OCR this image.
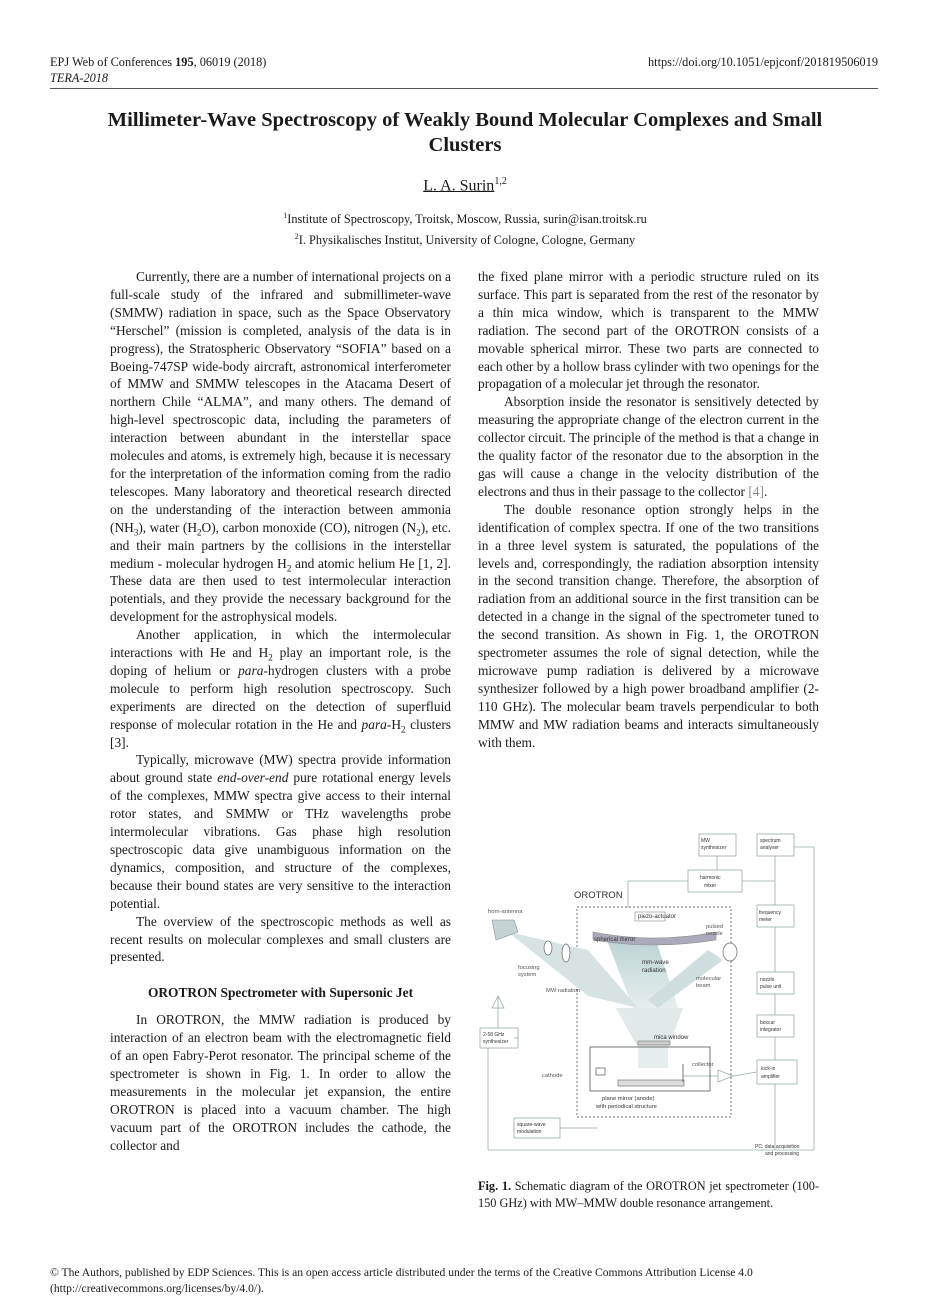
EPJ Web of Conferences 195, 06019 (2018)
TERA-2018
https://doi.org/10.1051/epjconf/201819506019
Millimeter-Wave Spectroscopy of Weakly Bound Molecular Complexes and Small Clusters
L. A. Surin$^{1,2}$
$^1$Institute of Spectroscopy, Troitsk, Moscow, Russia, surin@isan.troitsk.ru
$^2$I. Physikalisches Institut, University of Cologne, Cologne, Germany

Currently, there are a number of international projects on a full-scale study of the infrared and submillimeter-wave (SMMW) radiation in space, such as the Space Observatory “Herschel” (mission is completed, analysis of the data is in progress), the Stratospheric Observatory “SOFIA” based on a Boeing-747SP wide-body aircraft, astronomical interferometer of MMW and SMMW telescopes in the Atacama Desert of northern Chile “ALMA”, and many others. The demand of high-level spectroscopic data, including the parameters of interaction between abundant in the interstellar space molecules and atoms, is extremely high, because it is necessary for the interpretation of the information coming from the radio telescopes. Many laboratory and theoretical research directed on the understanding of the interaction between ammonia $(NH_3)$, water $(H_2O)$, carbon monoxide (CO), nitrogen $(N_2)$, etc. and their main partners by the collisions in the interstellar medium - molecular hydrogen $H_2$ and atomic helium He [1, 2]. These data are then used to test intermolecular interaction potentials, and they provide the necessary background for the development for the astrophysical models.

Another application, in which the intermolecular interactions with He and $H_2$ play an important role, is the doping of helium or para-hydrogen clusters with a probe molecule to perform high resolution spectroscopy. Such experiments are directed on the detection of superfluid response of molecular rotation in the He and para-$H_2$ clusters [3].

Typically, microwave (MW) spectra provide information about ground state end-over-end pure rotational energy levels of the complexes, MMW spectra give access to their internal rotor states, and SMMW or THz wavelengths probe intermolecular vibrations. Gas phase high resolution spectroscopic data give unambiguous information on the dynamics, composition, and structure of the complexes, because their bound states are very sensitive to the interaction potential.

The overview of the spectroscopic methods as well as recent results on molecular complexes and small clusters are presented.

OROTRON Spectrometer with Supersonic Jet

In OROTRON, the MMW radiation is produced by interaction of an electron beam with the electromagnetic field of an open Fabry-Perot resonator. The principal scheme of the spectrometer is shown in Fig. 1. In order to allow the measurements in the molecular jet expansion, the entire OROTRON is placed into a vacuum chamber. The high vacuum part of the OROTRON includes the cathode, the collector and

the fixed plane mirror with a periodic structure ruled on its surface. This part is separated from the rest of the resonator by a thin mica window, which is transparent to the MMW radiation. The second part of the OROTRON consists of a movable spherical mirror. These two parts are connected to each other by a hollow brass cylinder with two openings for the propagation of a molecular jet through the resonator.

Absorption inside the resonator is sensitively detected by measuring the appropriate change of the electron current in the collector circuit. The principle of the method is that a change in the quality factor of the resonator due to the absorption in the gas will cause a change in the velocity distribution of the electrons and thus in their passage to the collector [4].

The double resonance option strongly helps in the identification of complex spectra. If one of the two transitions in a three level system is saturated, the populations of the levels and, correspondingly, the radiation absorption intensity in the second transition change. Therefore, the absorption of radiation from an additional source in the first transition can be detected in a change in the signal of the spectrometer tuned to the second transition. As shown in Fig. 1, the OROTRON spectrometer assumes the role of signal detection, while the microwave pump radiation is delivered by a microwave synthesizer followed by a high power broadband amplifier (2-110 GHz). The molecular beam travels perpendicular to both MMW and MW radiation beams and interacts simultaneously with them.

OROTRON
horn-antenna
piezo-actuator
spherical mirror
pulsed
nozzle
mm-wave
radiation
focusing
system
MW radiation
molecular
beam
mica window
collector
cathode
plane mirror (anode)
with periodical structure
2-58 GHz
synthesizer
square-wave
modulation
MW
synthesizer
spectrum
analyser
harmonic
mixer
frequency
meter
nozzle
pulse unit
boxcar
integrator
lock-in
amplifier
PC: data acquisition
and processing
Fig. 1. Schematic diagram of the OROTRON jet spectrometer (100-150 GHz) with MW–MMW double resonance arrangement.
© The Authors, published by EDP Sciences. This is an open access article distributed under the terms of the Creative Commons Attribution License 4.0 (http://creativecommons.org/licenses/by/4.0/).
